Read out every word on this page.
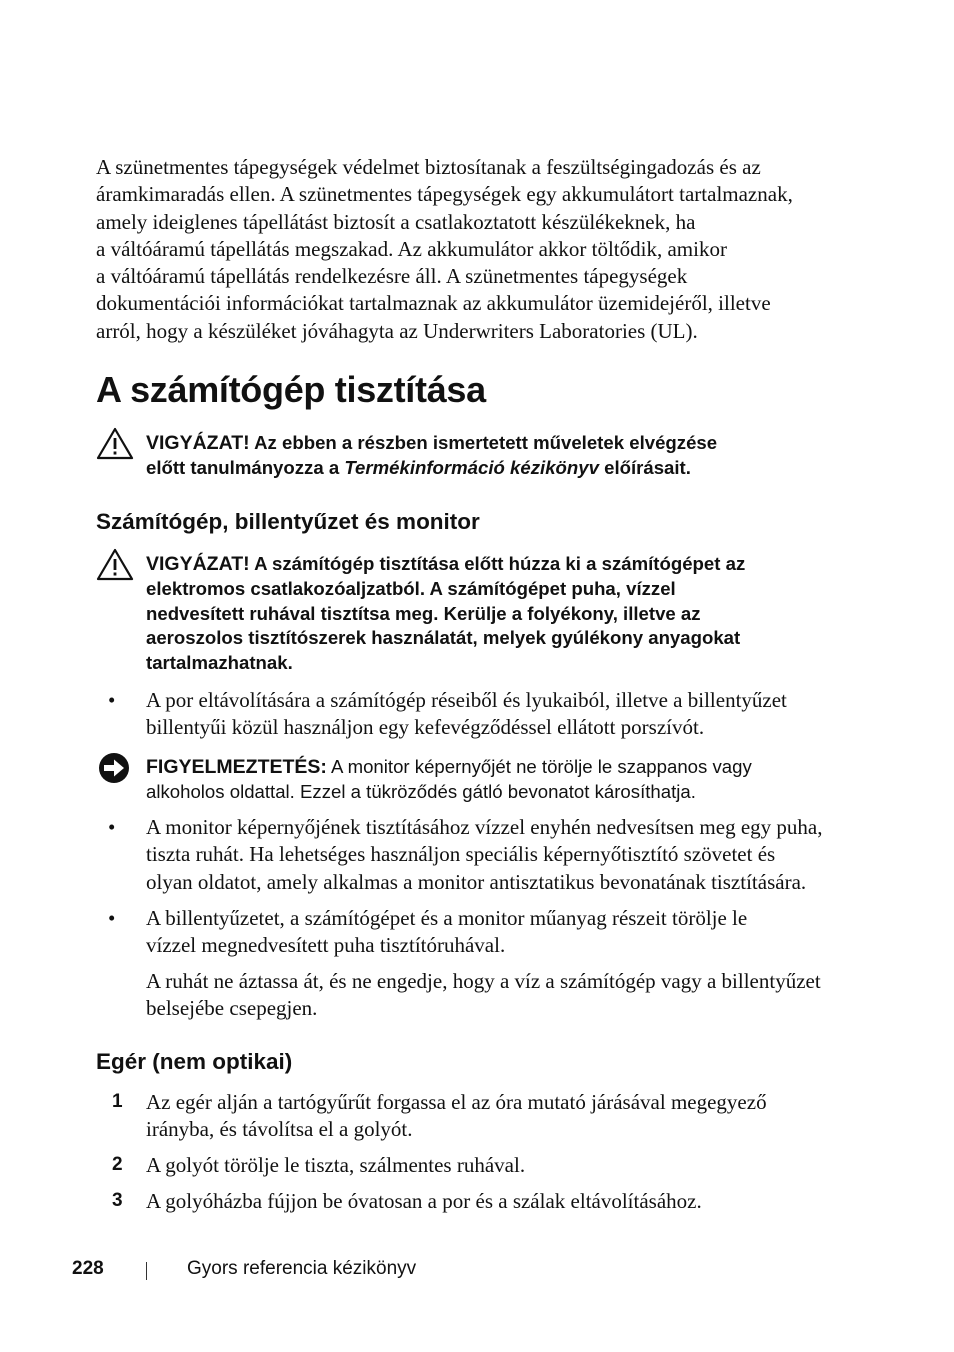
A szünetmentes tápegységek védelmet biztosítanak a feszültségingadozás és az
áramkimaradás ellen. A szünetmentes tápegységek egy akkumulátort tartalmaznak,
amely ideiglenes tápellátást biztosít a csatlakoztatott készülékeknek, ha
a váltóáramú tápellátás megszakad. Az akkumulátor akkor töltődik, amikor
a váltóáramú tápellátás rendelkezésre áll. A szünetmentes tápegységek
dokumentációi információkat tartalmaznak az akkumulátor üzemidejéről, illetve
arról, hogy a készüléket jóváhagyta az Underwriters Laboratories (UL).

A számítógép tisztítása
VIGYÁZAT! Az ebben a részben ismertetett műveletek elvégzése
előtt tanulmányozza a Termékinformáció kézikönyv előírásait.
Számítógép, billentyűzet és monitor
VIGYÁZAT! A számítógép tisztítása előtt húzza ki a számítógépet az
elektromos csatlakozóaljzatból. A számítógépet puha, vízzel
nedvesített ruhával tisztítsa meg. Kerülje a folyékony, illetve az
aeroszolos tisztítószerek használatát, melyek gyúlékony anyagokat
tartalmazhatnak.
• A por eltávolítására a számítógép réseiből és lyukaiból, illetve a billentyűzet
billentyűi közül használjon egy kefevégződéssel ellátott porszívót.
FIGYELMEZTETÉS: A monitor képernyőjét ne törölje le szappanos vagy
alkoholos oldattal. Ezzel a tükröződés gátló bevonatot károsíthatja.
• A monitor képernyőjének tisztításához vízzel enyhén nedvesítsen meg egy puha,
tiszta ruhát. Ha lehetséges használjon speciális képernyőtisztító szövetet és
olyan oldatot, amely alkalmas a monitor antisztatikus bevonatának tisztítására.
• A billentyűzetet, a számítógépet és a monitor műanyag részeit törölje le
vízzel megnedvesített puha tisztítóruhával.
A ruhát ne áztassa át, és ne engedje, hogy a víz a számítógép vagy a billentyűzet
belsejébe csepegjen.
Egér (nem optikai)
1 Az egér alján a tartógyűrűt forgassa el az óra mutató járásával megegyező
irányba, és távolítsa el a golyót.
2 A golyót törölje le tiszta, szálmentes ruhával.
3 A golyóházba fújjon be óvatosan a por és a szálak eltávolításához.
228	Gyors referencia kézikönyv
